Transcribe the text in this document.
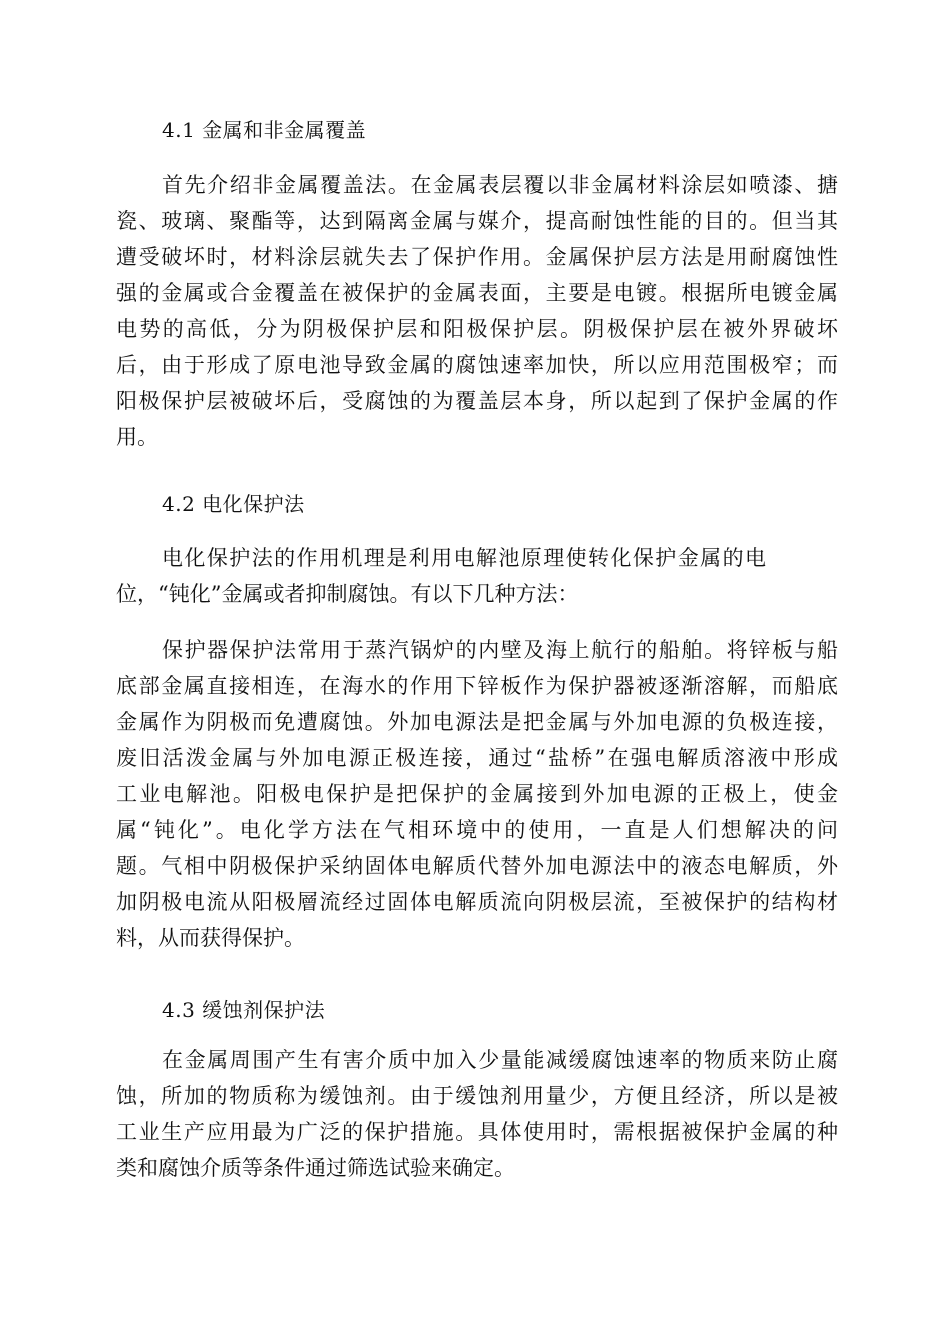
4.1 金属和非金属覆盖
首先介绍非金属覆盖法。在金属表层覆以非金属材料涂层如喷漆、搪
瓷、玻璃、聚酯等，达到隔离金属与媒介，提高耐蚀性能的目的。但当其
遭受破坏时，材料涂层就失去了保护作用。金属保护层方法是用耐腐蚀性
强的金属或合金覆盖在被保护的金属表面，主要是电镀。根据所电镀金属
电势的高低，分为阴极保护层和阳极保护层。阴极保护层在被外界破坏
后，由于形成了原电池导致金属的腐蚀速率加快，所以应用范围极窄；而
阳极保护层被破坏后，受腐蚀的为覆盖层本身，所以起到了保护金属的作
用。
4.2 电化保护法
电化保护法的作用机理是利用电解池原理使转化保护金属的电
位，“钝化”金属或者抑制腐蚀。有以下几种方法：
保护器保护法常用于蒸汽锅炉的内壁及海上航行的船舶。将锌板与船
底部金属直接相连，在海水的作用下锌板作为保护器被逐渐溶解，而船底
金属作为阴极而免遭腐蚀。外加电源法是把金属与外加电源的负极连接，
废旧活泼金属与外加电源正极连接，通过“盐桥”在强电解质溶液中形成
工业电解池。阳极电保护是把保护的金属接到外加电源的正极上，使金
属“钝化”。电化学方法在气相环境中的使用，一直是人们想解决的问
题。气相中阴极保护采纳固体电解质代替外加电源法中的液态电解质，外
加阴极电流从阳极層流经过固体电解质流向阴极层流，至被保护的结构材
料，从而获得保护。
4.3 缓蚀剂保护法
在金属周围产生有害介质中加入少量能减缓腐蚀速率的物质来防止腐
蚀，所加的物质称为缓蚀剂。由于缓蚀剂用量少，方便且经济，所以是被
工业生产应用最为广泛的保护措施。具体使用时，需根据被保护金属的种
类和腐蚀介质等条件通过筛选试验来确定。
